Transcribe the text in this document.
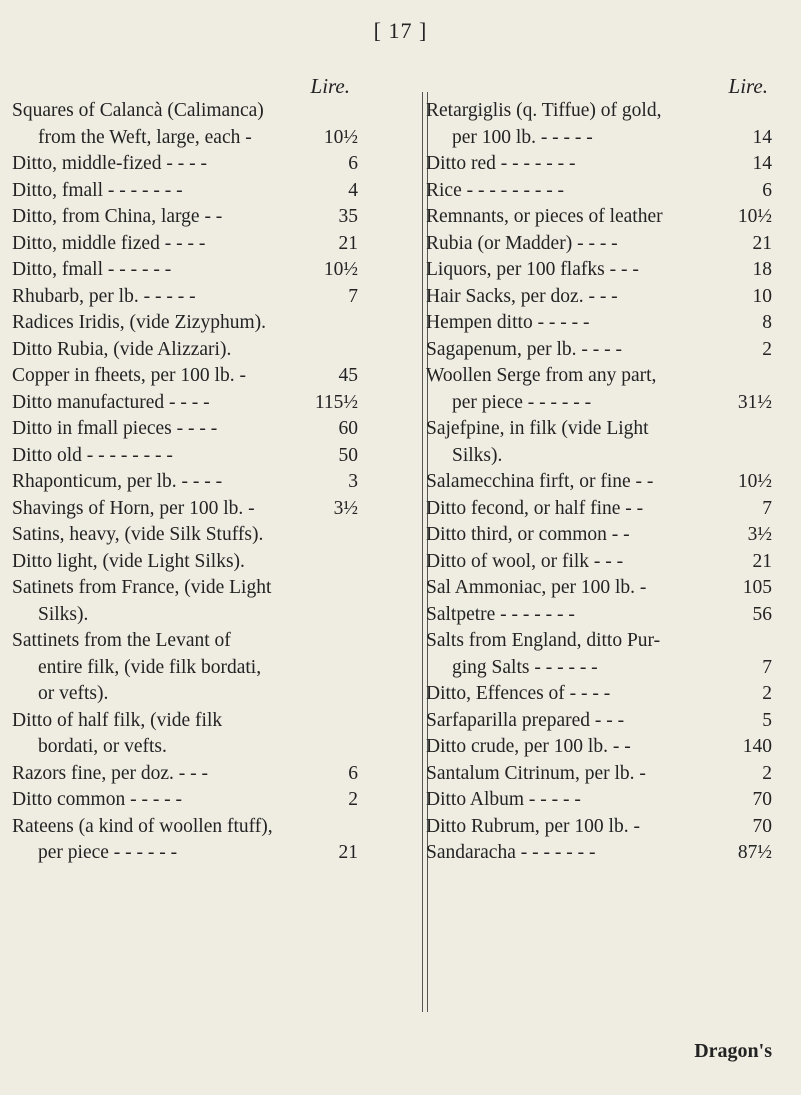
[ 17 ]
Lire.	Lire.
Squares of Calancà (Calimanca)
from the Weft, large, each -	10½
Ditto, middle-fized - - - -	6
Ditto, fmall - - - - - - -	4
Ditto, from China, large - -	35
Ditto, middle fized - - - -	21
Ditto, fmall - - - - - -	10½
Rhubarb, per lb. - - - - -	7
Radices Iridis, (vide Zizyphum).
Ditto Rubia, (vide Alizzari).
Copper in fheets, per 100 lb. -	45
Ditto manufactured - - - -	115½
Ditto in fmall pieces - - - -	60
Ditto old - - - - - - - -	50
Rhaponticum, per lb. - - - -	3
Shavings of Horn, per 100 lb. -	3½
Satins, heavy, (vide Silk Stuffs).
Ditto light, (vide Light Silks).
Satinets from France, (vide Light
Silks).
Sattinets from the Levant of
entire filk, (vide filk bordati,
or vefts).
Ditto of half filk, (vide filk
bordati, or vefts.
Razors fine, per doz. - - -	6
Ditto common - - - - -	2
Rateens (a kind of woollen ftuff),
per piece - - - - - -	21
Retargiglis (q. Tiffue) of gold,
per 100 lb. - - - - -	14
Ditto red - - - - - - -	14
Rice - - - - - - - - -	6
Remnants, or pieces of leather	10½
Rubia (or Madder) - - - -	21
Liquors, per 100 flafks - - -	18
Hair Sacks, per doz. - - -	10
Hempen ditto - - - - -	8
Sagapenum, per lb. - - - -	2
Woollen Serge from any part,
per piece - - - - - -	31½
Sajefpine, in filk (vide Light
Silks).
Salamecchina firft, or fine - -	10½
Ditto fecond, or half fine - -	7
Ditto third, or common - -	3½
Ditto of wool, or filk - - -	21
Sal Ammoniac, per 100 lb. -	105
Saltpetre - - - - - - -	56
Salts from England, ditto Pur-
ging Salts - - - - - -	7
Ditto, Effences of - - - -	2
Sarfaparilla prepared - - -	5
Ditto crude, per 100 lb. - -	140
Santalum Citrinum, per lb. -	2
Ditto Album - - - - -	70
Ditto Rubrum, per 100 lb. -	70
Sandaracha - - - - - - -	87½
Dragon's
